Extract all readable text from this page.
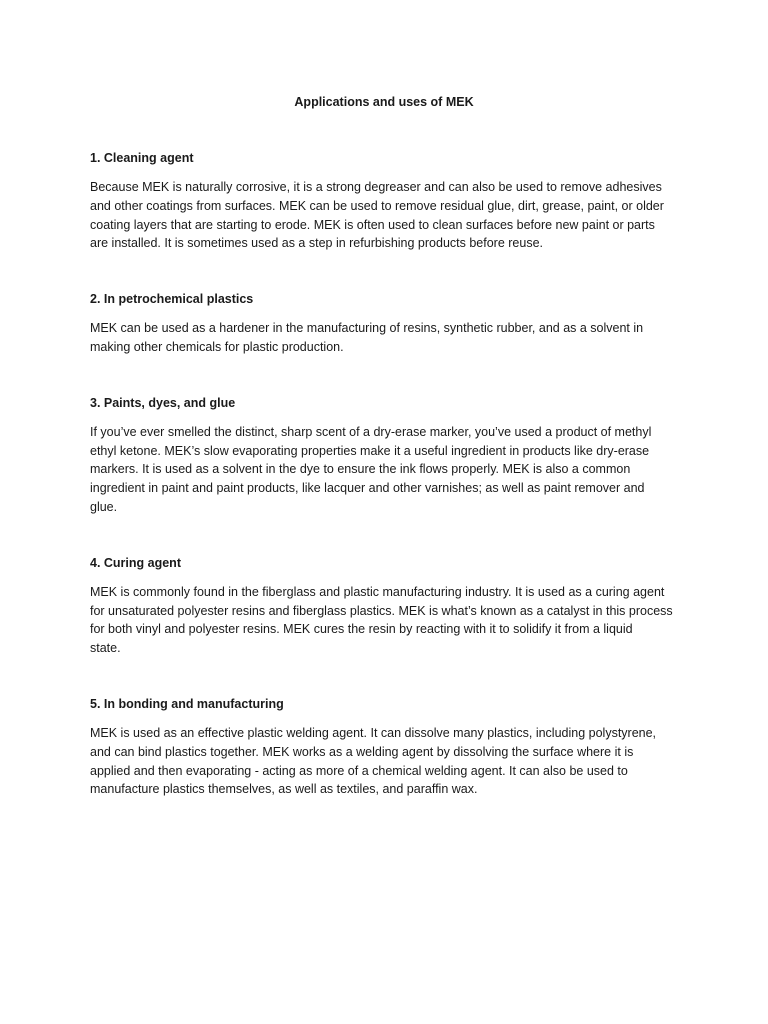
Applications and uses of MEK

1. Cleaning agent

Because MEK is naturally corrosive, it is a strong degreaser and can also be used to remove adhesives
and other coatings from surfaces. MEK can be used to remove residual glue, dirt, grease, paint, or older
coating layers that are starting to erode. MEK is often used to clean surfaces before new paint or parts
are installed. It is sometimes used as a step in refurbishing products before reuse.

2. In petrochemical plastics

MEK can be used as a hardener in the manufacturing of resins, synthetic rubber, and as a solvent in
making other chemicals for plastic production.

3. Paints, dyes, and glue

If you’ve ever smelled the distinct, sharp scent of a dry-erase marker, you’ve used a product of methyl
ethyl ketone. MEK’s slow evaporating properties make it a useful ingredient in products like dry-erase
markers. It is used as a solvent in the dye to ensure the ink flows properly. MEK is also a common
ingredient in paint and paint products, like lacquer and other varnishes; as well as paint remover and
glue.

4. Curing agent

MEK is commonly found in the fiberglass and plastic manufacturing industry. It is used as a curing agent
for unsaturated polyester resins and fiberglass plastics. MEK is what’s known as a catalyst in this process
for both vinyl and polyester resins. MEK cures the resin by reacting with it to solidify it from a liquid
state.

5. In bonding and manufacturing

MEK is used as an effective plastic welding agent. It can dissolve many plastics, including polystyrene,
and can bind plastics together. MEK works as a welding agent by dissolving the surface where it is
applied and then evaporating - acting as more of a chemical welding agent. It can also be used to
manufacture plastics themselves, as well as textiles, and paraffin wax.
